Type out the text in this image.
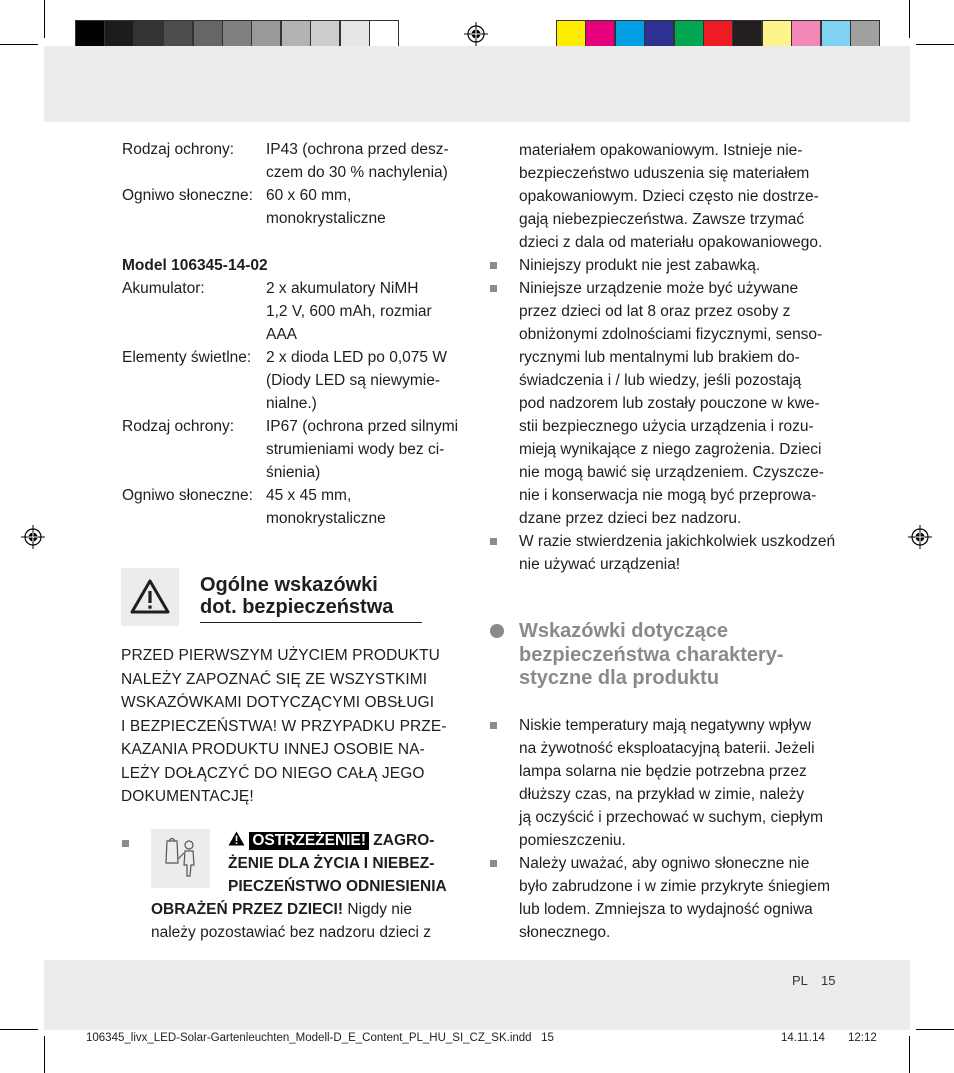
Rodzaj ochrony: IP43 (ochrona przed desz-
czem do 30 % nachylenia)
Ogniwo słoneczne: 60 x 60 mm,
monokrystaliczne
Model 106345-14-02
Akumulator:	2 x akumulatory NiMH
1,2 V, 600 mAh, rozmiar
AAA
Elementy świetlne: 2 x dioda LED po 0,075 W
(Diody LED są niewymie-
nialne.)
Rodzaj ochrony: IP67 (ochrona przed silnymi
strumieniami wody bez ci-
śnienia)
Ogniwo słoneczne: 45 x 45 mm,
monokrystaliczne
Ogólne wskazówki
dot. bezpieczeństwa
PRZED PIERWSZYM UŻYCIEM PRODUKTU
NALEŻY ZAPOZNAĆ SIĘ ZE WSZYSTKIMI
WSKAZÓWKAMI DOTYCZĄCYMI OBSŁUGI
I BEZPIECZEŃSTWA! W PRZYPADKU PRZE-
KAZANIA PRODUKTU INNEJ OSOBIE NA-
LEŻY DOŁĄCZYĆ DO NIEGO CAŁĄ JEGO
DOKUMENTACJĘ!
OSTRZEŻENIE! ZAGRO-
ŻENIE DLA ŻYCIA I NIEBEZ-
PIECZEŃSTWO ODNIESIENIA
OBRAŻEŃ PRZEZ DZIECI! Nigdy nie
należy pozostawiać bez nadzoru dzieci z
materiałem opakowaniowym. Istnieje nie-
bezpieczeństwo uduszenia się materiałem
opakowaniowym. Dzieci często nie dostrze-
gają niebezpieczeństwa. Zawsze trzymać
dzieci z dala od materiału opakowaniowego.
Niniejszy produkt nie jest zabawką.
Niniejsze urządzenie może być używane
przez dzieci od lat 8 oraz przez osoby z
obniżonymi zdolnościami fizycznymi, senso-
rycznymi lub mentalnymi lub brakiem do-
świadczenia i / lub wiedzy, jeśli pozostają
pod nadzorem lub zostały pouczone w kwe-
stii bezpiecznego użycia urządzenia i rozu-
mieją wynikające z niego zagrożenia. Dzieci
nie mogą bawić się urządzeniem. Czyszcze-
nie i konserwacja nie mogą być przeprowa-
dzane przez dzieci bez nadzoru.
W razie stwierdzenia jakichkolwiek uszkodzeń
nie używać urządzenia!
Wskazówki dotyczące
bezpieczeństwa charaktery-
styczne dla produktu
Niskie temperatury mają negatywny wpływ
na żywotność eksploatacyjną baterii. Jeżeli
lampa solarna nie będzie potrzebna przez
dłuższy czas, na przykład w zimie, należy
ją oczyścić i przechować w suchym, ciepłym
pomieszczeniu.
Należy uważać, aby ogniwo słoneczne nie
było zabrudzone i w zimie przykryte śniegiem
lub lodem. Zmniejsza to wydajność ogniwa
słonecznego.
PL 15
106345_livx_LED-Solar-Gartenleuchten_Modell-D_E_Content_PL_HU_SI_CZ_SK.indd   15	14.11.14 12:12
